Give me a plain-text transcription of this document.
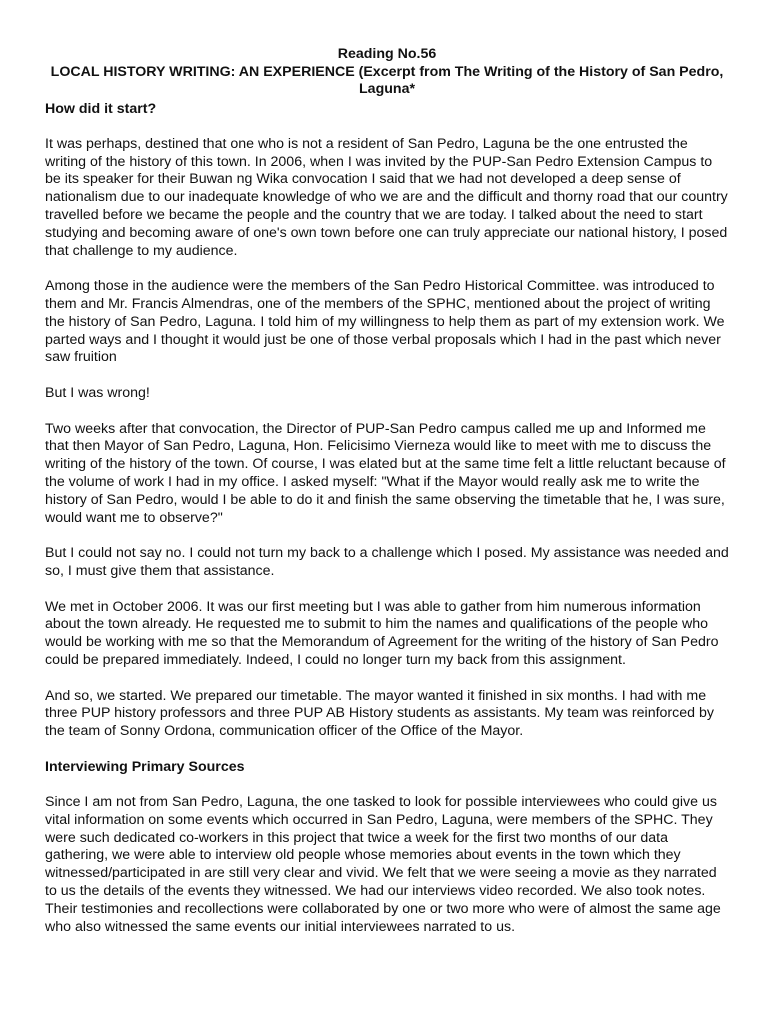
Reading No.56
LOCAL HISTORY WRITING: AN EXPERIENCE (Excerpt from The Writing of the History of San Pedro, Laguna*
How did it start?

It was perhaps, destined that one who is not a resident of San Pedro, Laguna be the one entrusted the writing of the history of this town. In 2006, when I was invited by the PUP-San Pedro Extension Campus to be its speaker for their Buwan ng Wika convocation I said that we had not developed a deep sense of nationalism due to our inadequate knowledge of who we are and the difficult and thorny road that our country travelled before we became the people and the country that we are today. I talked about the need to start studying and becoming aware of one's own town before one can truly appreciate our national history, I posed that challenge to my audience.

Among those in the audience were the members of the San Pedro Historical Committee. was introduced to them and Mr. Francis Almendras, one of the members of the SPHC, mentioned about the project of writing the history of San Pedro, Laguna. I told him of my willingness to help them as part of my extension work. We parted ways and I thought it would just be one of those verbal proposals which I had in the past which never saw fruition

But I was wrong!

Two weeks after that convocation, the Director of PUP-San Pedro campus called me up and Informed me that then Mayor of San Pedro, Laguna, Hon. Felicisimo Vierneza would like to meet with me to discuss the writing of the history of the town. Of course, I was elated but at the same time felt a little reluctant because of the volume of work I had in my office. I asked myself: "What if the Mayor would really ask me to write the history of San Pedro, would I be able to do it and finish the same observing the timetable that he, I was sure, would want me to observe?"

But I could not say no. I could not turn my back to a challenge which I posed. My assistance was needed and so, I must give them that assistance.

We met in October 2006. It was our first meeting but I was able to gather from him numerous information about the town already. He requested me to submit to him the names and qualifications of the people who would be working with me so that the Memorandum of Agreement for the writing of the history of San Pedro could be prepared immediately. Indeed, I could no longer turn my back from this assignment.

And so, we started. We prepared our timetable. The mayor wanted it finished in six months. I had with me three PUP history professors and three PUP AB History students as assistants. My team was reinforced by the team of Sonny Ordona, communication officer of the Office of the Mayor.

Interviewing Primary Sources

Since I am not from San Pedro, Laguna, the one tasked to look for possible interviewees who could give us vital information on some events which occurred in San Pedro, Laguna, were members of the SPHC. They were such dedicated co-workers in this project that twice a week for the first two months of our data gathering, we were able to interview old people whose memories about events in the town which they witnessed/participated in are still very clear and vivid. We felt that we were seeing a movie as they narrated to us the details of the events they witnessed. We had our interviews video recorded. We also took notes. Their testimonies and recollections were collaborated by one or two more who were of almost the same age who also witnessed the same events our initial interviewees narrated to us.
